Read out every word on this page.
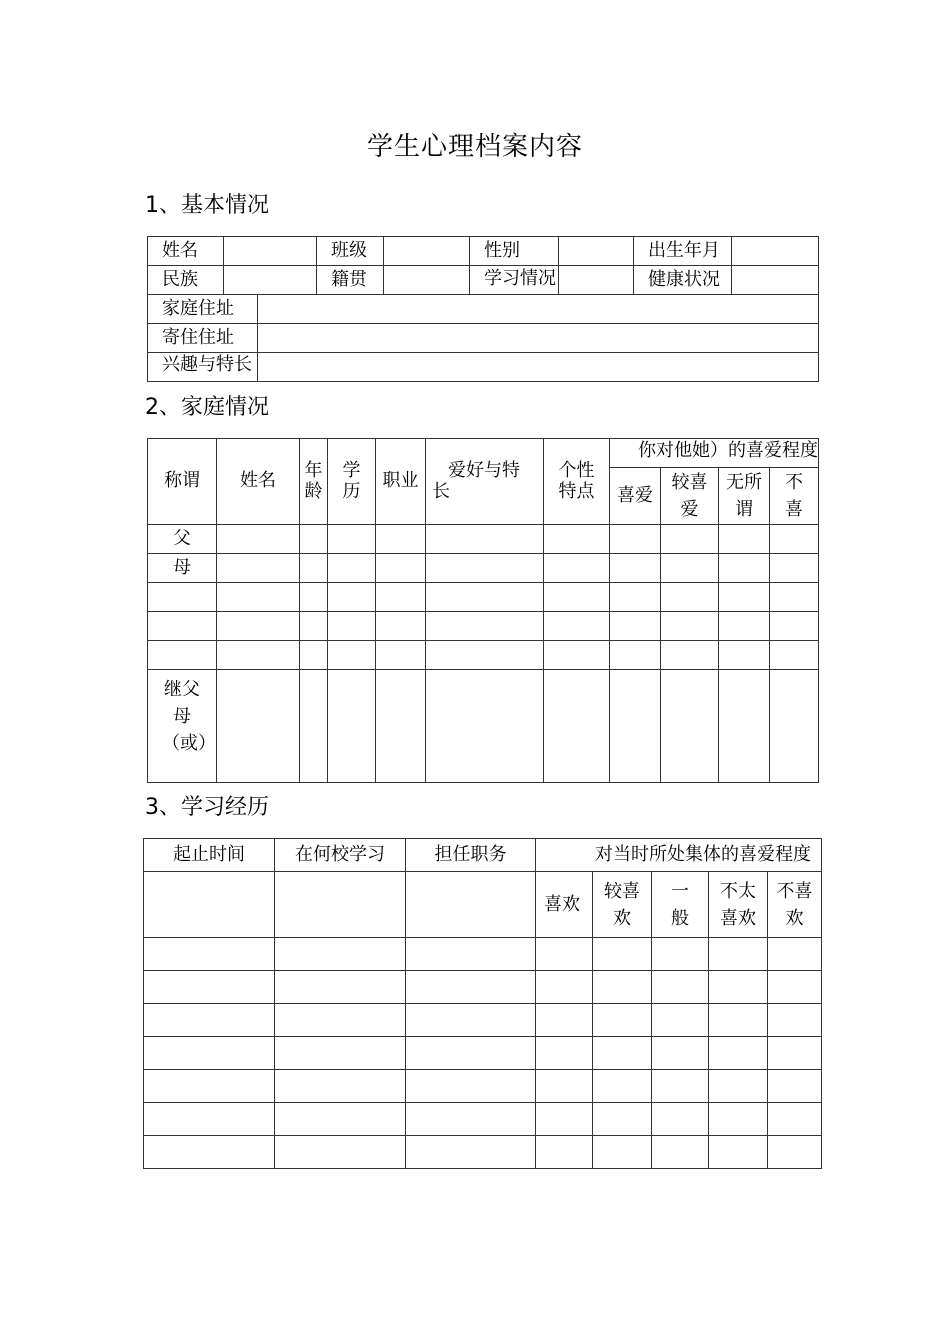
学生心理档案内容
1、基本情况
姓名			班级		性别		出生年月	
民族			籍贯		学习情况		健康状况	
家庭住址								
寄住住址								

兴趣与特长								

2、家庭情况
称谓	姓名	年龄	学历	职业	爱好与特长	个性特点	你对他她）的喜爱程度			

							喜爱	较喜爱	无所谓	不喜
父										
母										

继父母（或）										
3、学习经历
起止时间	在何校学习	担任职务	对当时所处集体的喜爱程度				
			喜欢	较喜欢	一般	不太喜欢	不喜欢
